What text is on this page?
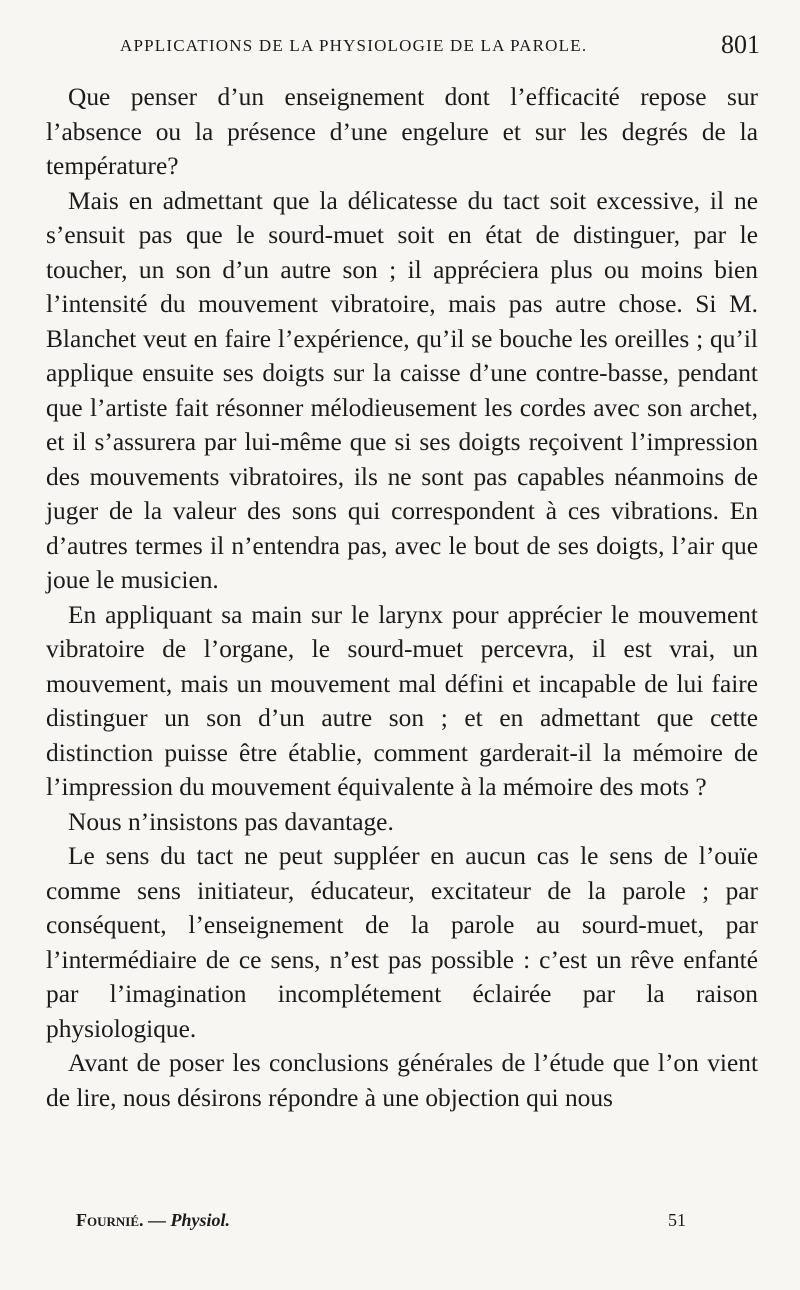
APPLICATIONS DE LA PHYSIOLOGIE DE LA PAROLE.	801

Que penser d’un enseignement dont l’efficacité repose sur l’absence ou la présence d’une engelure et sur les degrés de la température?

Mais en admettant que la délicatesse du tact soit excessive, il ne s’ensuit pas que le sourd-muet soit en état de distinguer, par le toucher, un son d’un autre son ; il appréciera plus ou moins bien l’intensité du mouvement vibratoire, mais pas autre chose. Si M. Blanchet veut en faire l’expérience, qu’il se bouche les oreilles ; qu’il applique ensuite ses doigts sur la caisse d’une contre-basse, pendant que l’artiste fait résonner mélodieusement les cordes avec son archet, et il s’assurera par lui-même que si ses doigts reçoivent l’impression des mouvements vibratoires, ils ne sont pas capables néanmoins de juger de la valeur des sons qui correspondent à ces vibrations. En d’autres termes il n’entendra pas, avec le bout de ses doigts, l’air que joue le musicien.

En appliquant sa main sur le larynx pour apprécier le mouvement vibratoire de l’organe, le sourd-muet percevra, il est vrai, un mouvement, mais un mouvement mal défini et incapable de lui faire distinguer un son d’un autre son ; et en admettant que cette distinction puisse être établie, comment garderait-il la mémoire de l’impression du mouvement équivalente à la mémoire des mots ?

Nous n’insistons pas davantage.

Le sens du tact ne peut suppléer en aucun cas le sens de l’ouïe comme sens initiateur, éducateur, excitateur de la parole ; par conséquent, l’enseignement de la parole au sourd-muet, par l’intermédiaire de ce sens, n’est pas possible : c’est un rêve enfanté par l’imagination incomplétement éclairée par la raison physiologique.

Avant de poser les conclusions générales de l’étude que l’on vient de lire, nous désirons répondre à une objection qui nous

Fournié. — Physiol.	51
